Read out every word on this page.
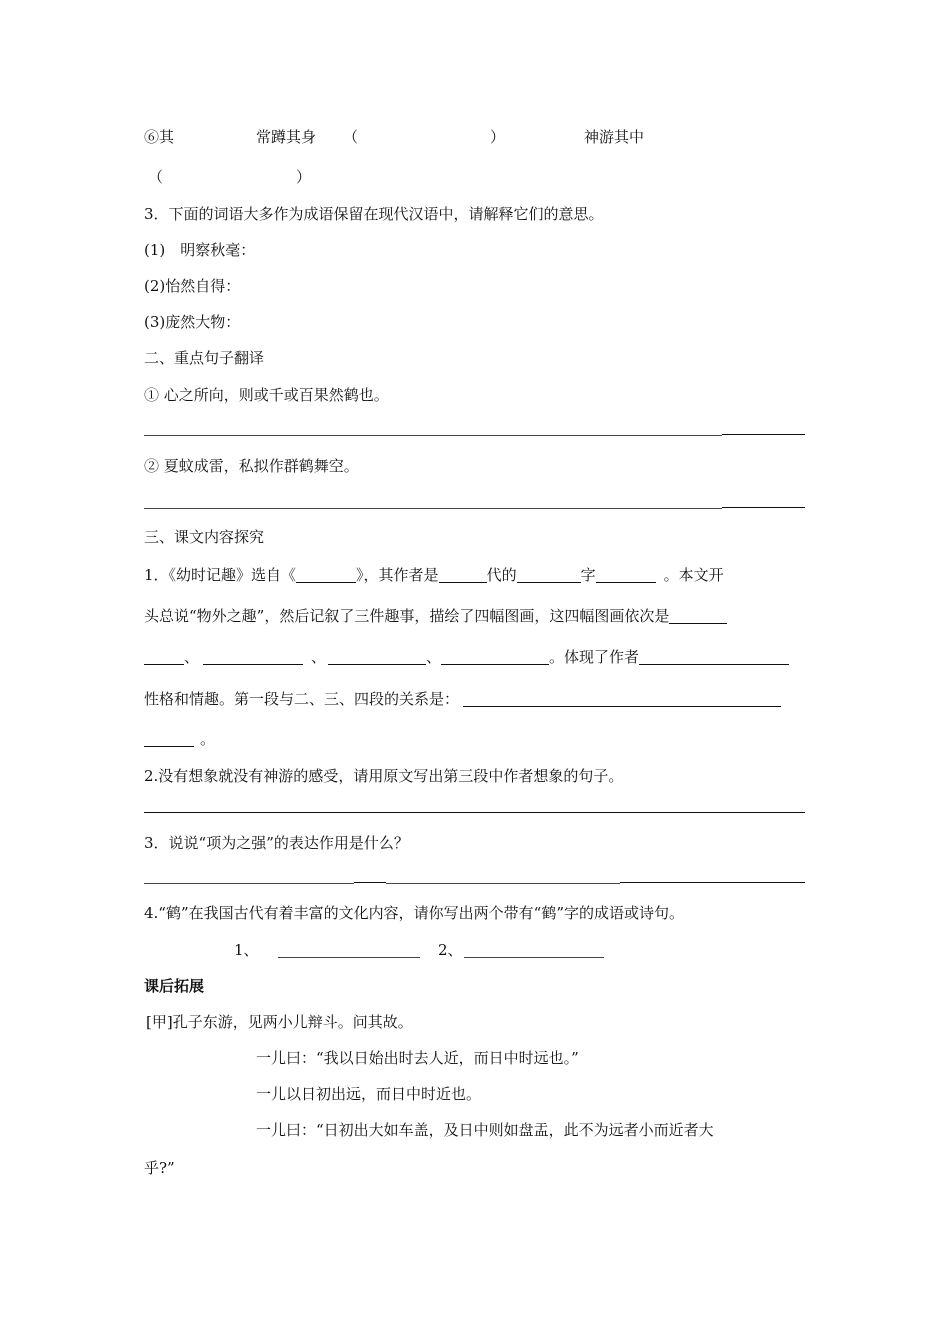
⑥其	常蹲其身 （	）	神游其中
（	）
3．下面的词语大多作为成语保留在现代汉语中，请解释它们的意思。
(1)　明察秋毫：
(2)怡然自得：
(3)庞然大物：
二、重点句子翻译
① 心之所向，则或千或百果然鹤也。
② 夏蚊成雷，私拟作群鹤舞空。
三、课文内容探究
1．《幼时记趣》选自《	》，其作者是	代的	字	。本文开
头总说“物外之趣”，然后记叙了三件趣事，描绘了四幅图画，这四幅图画依次是
、	、	、	。体现了作者
性格和情趣。第一段与二、三、四段的关系是：
。
2.没有想象就没有神游的感受，请用原文写出第三段中作者想象的句子。
3．说说“项为之强”的表达作用是什么？
4.“鹤”在我国古代有着丰富的文化内容，请你写出两个带有“鹤”字的成语或诗句。
1、	2、
课后拓展
[甲]孔子东游，见两小儿辩斗。问其故。
一儿曰：“我以日始出时去人近，而日中时远也。”
一儿以日初出远，而日中时近也。
一儿曰：“日初出大如车盖，及日中则如盘盂，此不为远者小而近者大
乎?”
